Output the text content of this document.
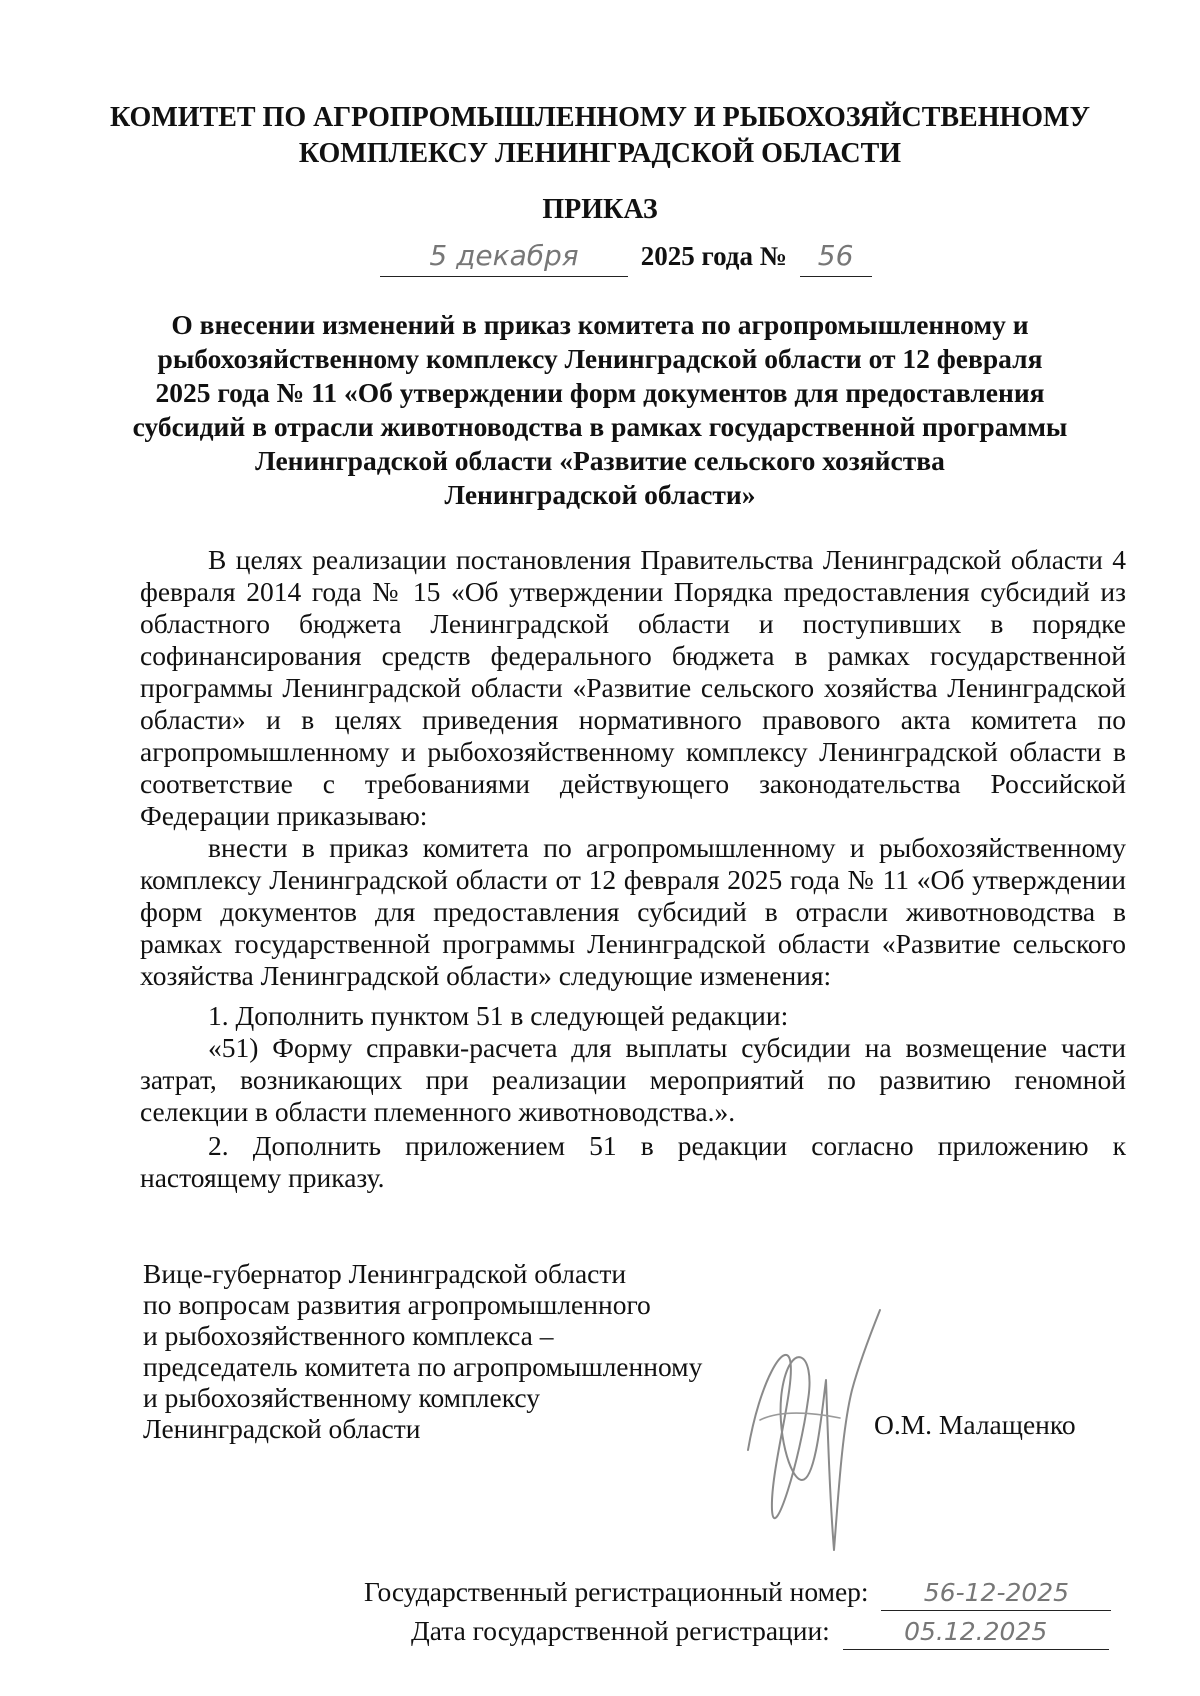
КОМИТЕТ ПО АГРОПРОМЫШЛЕННОМУ И РЫБОХОЗЯЙСТВЕННОМУ
КОМПЛЕКСУ ЛЕНИНГРАДСКОЙ ОБЛАСТИ
ПРИКАЗ
5 декабря 2025 года № 56
О внесении изменений в приказ комитета по агропромышленному и
рыбохозяйственному комплексу Ленинградской области от 12 февраля
2025 года № 11 «Об утверждении форм документов для предоставления
субсидий в отрасли животноводства в рамках государственной программы
Ленинградской области «Развитие сельского хозяйства
Ленинградской области»
В целях реализации постановления Правительства Ленинградской области 4 февраля 2014 года № 15 «Об утверждении Порядка предоставления субсидий из областного бюджета Ленинградской области и поступивших в порядке софинансирования средств федерального бюджета в рамках государственной программы Ленинградской области «Развитие сельского хозяйства Ленинградской области» и в целях приведения нормативного правового акта комитета по агропромышленному и рыбохозяйственному комплексу Ленинградской области в соответствие с требованиями действующего законодательства Российской Федерации приказываю:
внести в приказ комитета по агропромышленному и рыбохозяйственному комплексу Ленинградской области от 12 февраля 2025 года № 11 «Об утверждении форм документов для предоставления субсидий в отрасли животноводства в рамках государственной программы Ленинградской области «Развитие сельского хозяйства Ленинградской области» следующие изменения:
1. Дополнить пунктом 51 в следующей редакции:
«51) Форму справки-расчета для выплаты субсидии на возмещение части затрат, возникающих при реализации мероприятий по развитию геномной селекции в области племенного животноводства.».
2. Дополнить приложением 51 в редакции согласно приложению к настоящему приказу.
Вице-губернатор Ленинградской области
по вопросам развития агропромышленного
и рыбохозяйственного комплекса –
председатель комитета по агропромышленному
и рыбохозяйственному комплексу
Ленинградской области	О.М. Малащенко
Государственный регистрационный номер: 56-12-2025
Дата государственной регистрации:	05.12.2025
